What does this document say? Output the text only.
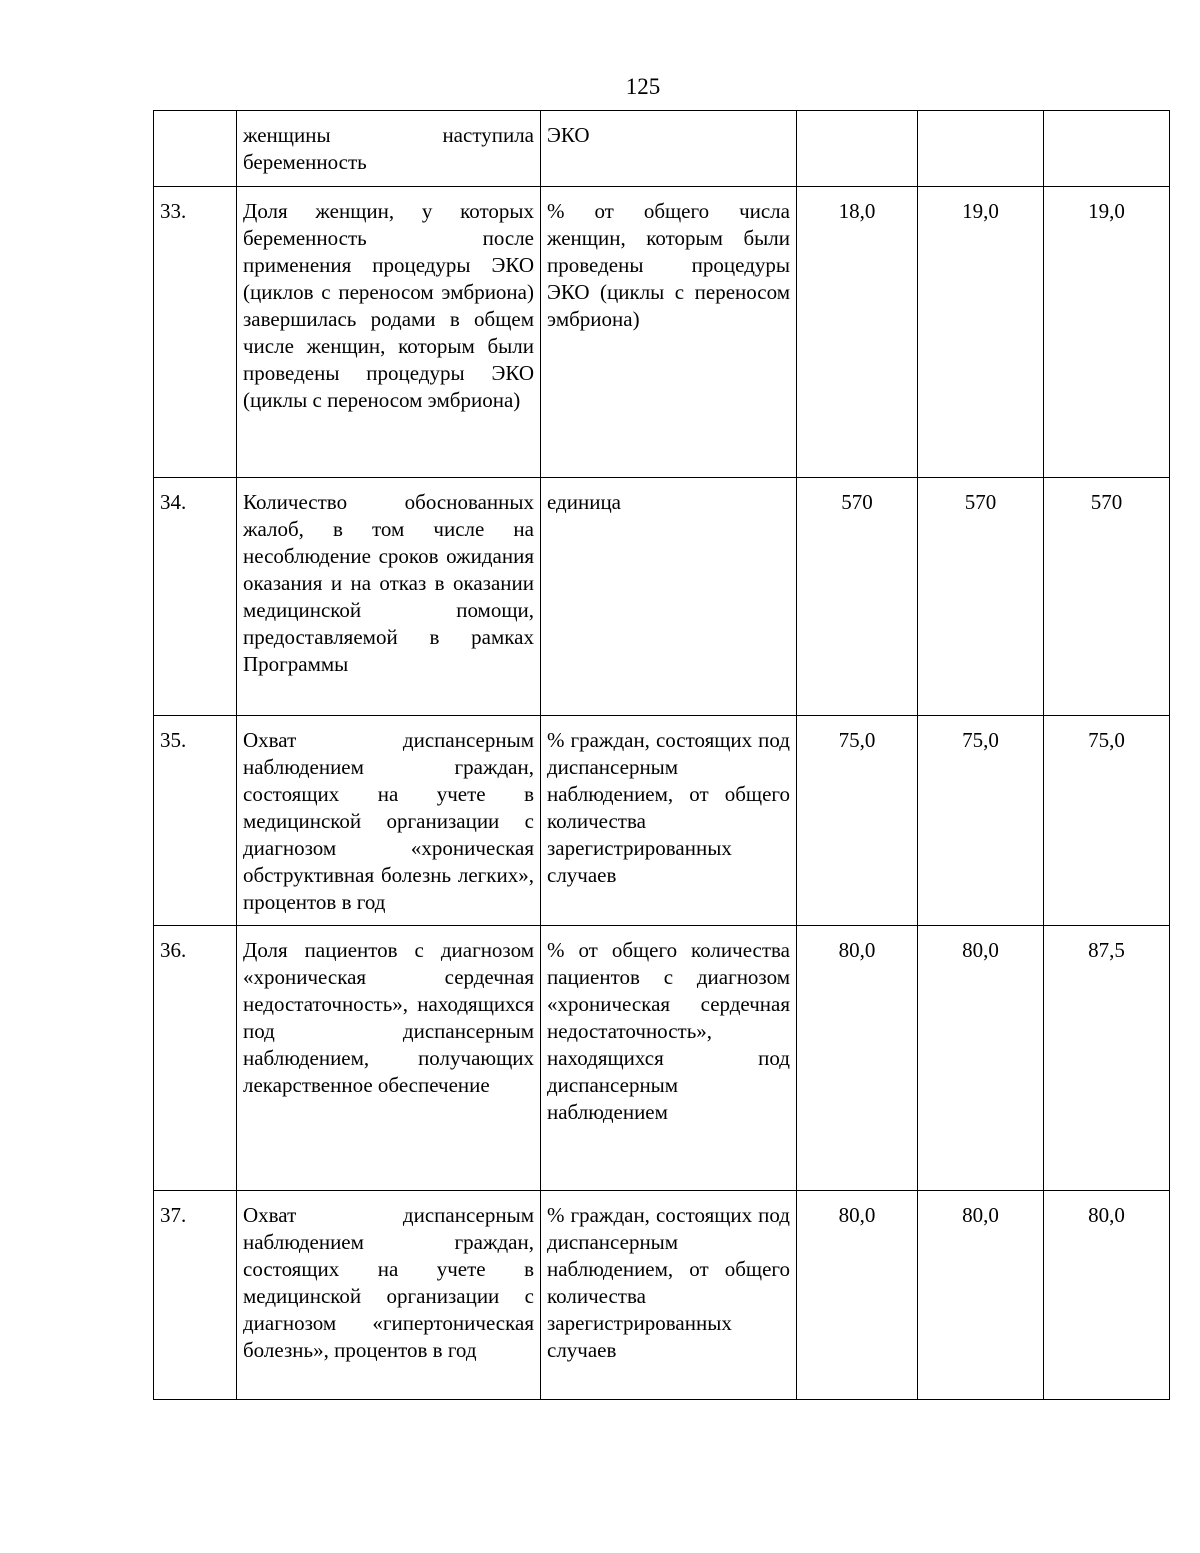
125
	женщины наступила беременность	ЭКО			
33.	Доля женщин, у которых беременность после применения процедуры ЭКО (циклов с переносом эмбриона) завершилась родами в общем числе женщин, которым были проведены процедуры ЭКО (циклы с переносом эмбриона)	% от общего числа женщин, которым были проведены процедуры ЭКО (циклы с переносом эмбриона)	18,0	19,0	19,0
34.	Количество обоснованных жалоб, в том числе на несоблюдение сроков ожидания оказания и на отказ в оказании медицинской помощи, предоставляемой в рамках Программы	единица	570	570	570
35.	Охват диспансерным наблюдением граждан, состоящих на учете в медицинской организации с диагнозом «хроническая обструктивная болезнь легких», процентов в год	% граждан, состоящих под диспансерным наблюдением, от общего количества зарегистрированных случаев	75,0	75,0	75,0
36.	Доля пациентов с диагнозом «хроническая сердечная недостаточность», находящихся под диспансерным наблюдением, получающих лекарственное обеспечение	% от общего количества пациентов с диагнозом «хроническая сердечная недостаточность», находящихся под диспансерным наблюдением	80,0	80,0	87,5
37.	Охват диспансерным наблюдением граждан, состоящих на учете в медицинской организации с диагнозом «гипертоническая болезнь», процентов в год	% граждан, состоящих под диспансерным наблюдением, от общего количества зарегистрированных случаев	80,0	80,0	80,0
